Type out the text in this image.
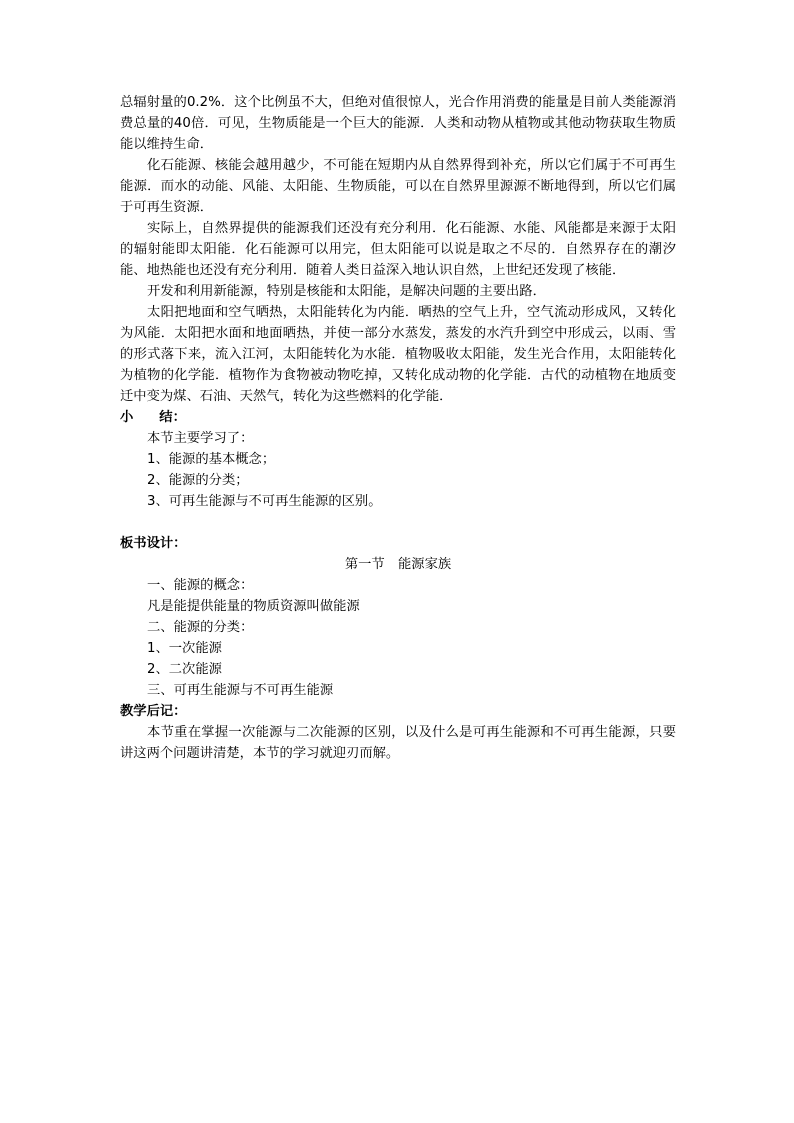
总辐射量的0.2%．这个比例虽不大，但绝对值很惊人，光合作用消费的能量是目前人类能源消费总量的40倍．可见，生物质能是一个巨大的能源．人类和动物从植物或其他动物获取生物质能以维持生命．

化石能源、核能会越用越少，不可能在短期内从自然界得到补充，所以它们属于不可再生能源．而水的动能、风能、太阳能、生物质能，可以在自然界里源源不断地得到，所以它们属于可再生资源．

实际上，自然界提供的能源我们还没有充分利用．化石能源、水能、风能都是来源于太阳的辐射能即太阳能．化石能源可以用完，但太阳能可以说是取之不尽的．自然界存在的潮汐能、地热能也还没有充分利用．随着人类日益深入地认识自然，上世纪还发现了核能．

开发和利用新能源，特别是核能和太阳能，是解决问题的主要出路．

太阳把地面和空气晒热，太阳能转化为内能．晒热的空气上升，空气流动形成风，又转化为风能．太阳把水面和地面晒热，并使一部分水蒸发，蒸发的水汽升到空中形成云，以雨、雪的形式落下来，流入江河，太阳能转化为水能．植物吸收太阳能，发生光合作用，太阳能转化为植物的化学能．植物作为食物被动物吃掉，又转化成动物的化学能．古代的动植物在地质变迁中变为煤、石油、天然气，转化为这些燃料的化学能．

小 结：

本节主要学习了：

1、能源的基本概念；

2、能源的分类；

3、可再生能源与不可再生能源的区别。

板书设计：

第一节　能源家族

一、能源的概念：

凡是能提供能量的物质资源叫做能源

二、能源的分类：

1、一次能源

2、二次能源

三、可再生能源与不可再生能源

教学后记：

本节重在掌握一次能源与二次能源的区别，以及什么是可再生能源和不可再生能源，只要讲这两个问题讲清楚，本节的学习就迎刃而解。
